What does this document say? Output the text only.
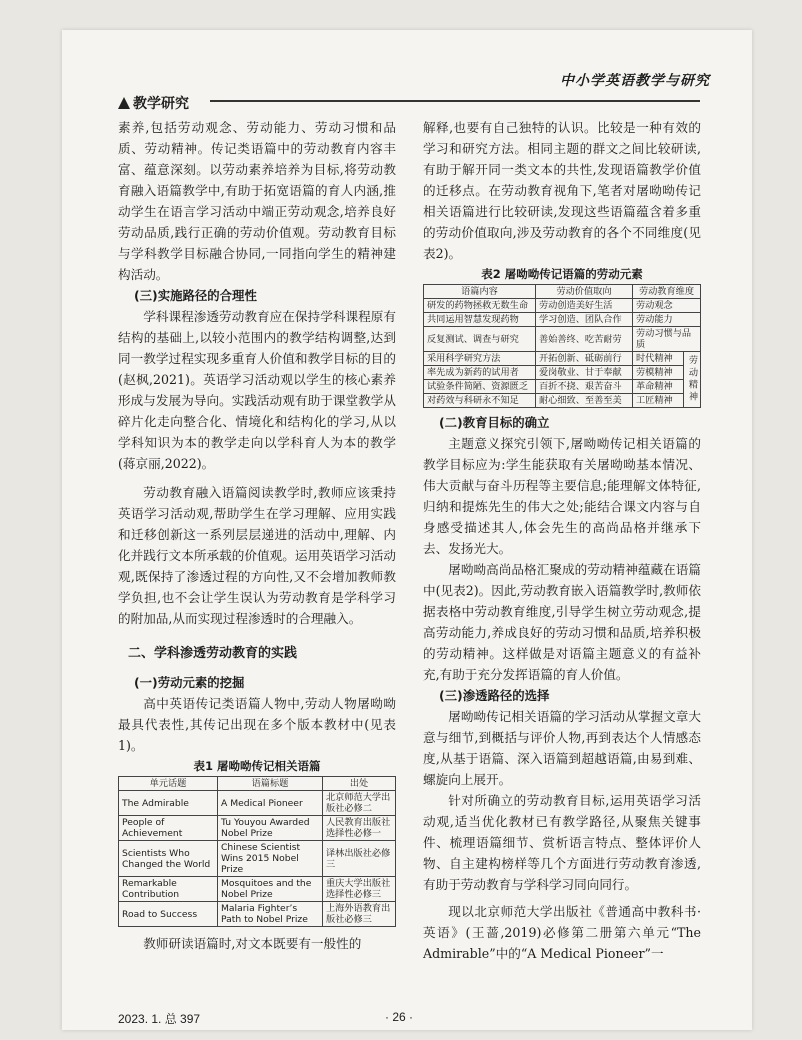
中小学英语教学与研究
教学研究

素养,包括劳动观念、劳动能力、劳动习惯和品质、劳动精神。传记类语篇中的劳动教育内容丰富、蕴意深刻。以劳动素养培养为目标,将劳动教育融入语篇教学中,有助于拓宽语篇的育人内涵,推动学生在语言学习活动中端正劳动观念,培养良好劳动品质,践行正确的劳动价值观。劳动教育目标与学科教学目标融合协同,一同指向学生的精神建构活动。

(三)实施路径的合理性

学科课程渗透劳动教育应在保持学科课程原有结构的基础上,以较小范围内的教学结构调整,达到同一教学过程实现多重育人价值和教学目标的目的(赵枫,2021)。英语学习活动观以学生的核心素养形成与发展为导向。实践活动观有助于课堂教学从碎片化走向整合化、情境化和结构化的学习,从以学科知识为本的教学走向以学科育人为本的教学(蒋京丽,2022)。

劳动教育融入语篇阅读教学时,教师应该秉持英语学习活动观,帮助学生在学习理解、应用实践和迁移创新这一系列层层递进的活动中,理解、内化并践行文本所承载的价值观。运用英语学习活动观,既保持了渗透过程的方向性,又不会增加教师教学负担,也不会让学生误认为劳动教育是学科学习的附加品,从而实现过程渗透时的合理融入。

二、学科渗透劳动教育的实践

(一)劳动元素的挖掘

高中英语传记类语篇人物中,劳动人物屠呦呦最具代表性,其传记出现在多个版本教材中(见表1)。

表1 屠呦呦传记相关语篇
单元话题	语篇标题	出处
The Admirable	A Medical Pioneer	北京师范大学出版社必修二
People of Achievement	Tu Youyou Awarded Nobel Prize	人民教育出版社选择性必修一
Scientists Who Changed the World	Chinese Scientist Wins 2015 Nobel Prize	译林出版社必修三
Remarkable Contribution	Mosquitoes and the Nobel Prize	重庆大学出版社选择性必修三
Road to Success	Malaria Fighter’s Path to Nobel Prize	上海外语教育出版社必修三

教师研读语篇时,对文本既要有一般性的

解释,也要有自己独特的认识。比较是一种有效的学习和研究方法。相同主题的群文之间比较研读,有助于解开同一类文本的共性,发现语篇教学价值的迁移点。在劳动教育视角下,笔者对屠呦呦传记相关语篇进行比较研读,发现这些语篇蕴含着多重的劳动价值取向,涉及劳动教育的各个不同维度(见表2)。

表2 屠呦呦传记语篇的劳动元素
语篇内容	劳动价值取向	劳动教育维度	
研发的药物拯救无数生命	劳动创造美好生活	劳动观念	
共同运用智慧发现药物	学习创造、团队合作	劳动能力	
反复测试、调查与研究	善始善终、吃苦耐劳	劳动习惯与品质	
采用科学研究方法	开拓创新、砥砺前行	时代精神	劳动精神
率先成为新药的试用者	爱岗敬业、甘于奉献	劳模精神	
试验条件简陋、资源匮乏	百折不挠、艰苦奋斗	革命精神	
对药效与科研永不知足	耐心细致、至善至美	工匠精神	

(二)教育目标的确立

主题意义探究引领下,屠呦呦传记相关语篇的教学目标应为:学生能获取有关屠呦呦基本情况、伟大贡献与奋斗历程等主要信息;能理解文体特征,归纳和提炼先生的伟大之处;能结合课文内容与自身感受描述其人,体会先生的高尚品格并继承下去、发扬光大。

屠呦呦高尚品格汇聚成的劳动精神蕴藏在语篇中(见表2)。因此,劳动教育嵌入语篇教学时,教师依据表格中劳动教育维度,引导学生树立劳动观念,提高劳动能力,养成良好的劳动习惯和品质,培养积极的劳动精神。这样做是对语篇主题意义的有益补充,有助于充分发挥语篇的育人价值。

(三)渗透路径的选择

屠呦呦传记相关语篇的学习活动从掌握文章大意与细节,到概括与评价人物,再到表达个人情感态度,从基于语篇、深入语篇到超越语篇,由易到难、螺旋向上展开。

针对所确立的劳动教育目标,运用英语学习活动观,适当优化教材已有教学路径,从聚焦关键事件、梳理语篇细节、赏析语言特点、整体评价人物、自主建构榜样等几个方面进行劳动教育渗透,有助于劳动教育与学科学习同向同行。

现以北京师范大学出版社《普通高中教科书·英语》(王蔷,2019)必修第二册第六单元“The Admirable”中的“A Medical Pioneer”一

2023. 1. 总 397	· 26 ·
